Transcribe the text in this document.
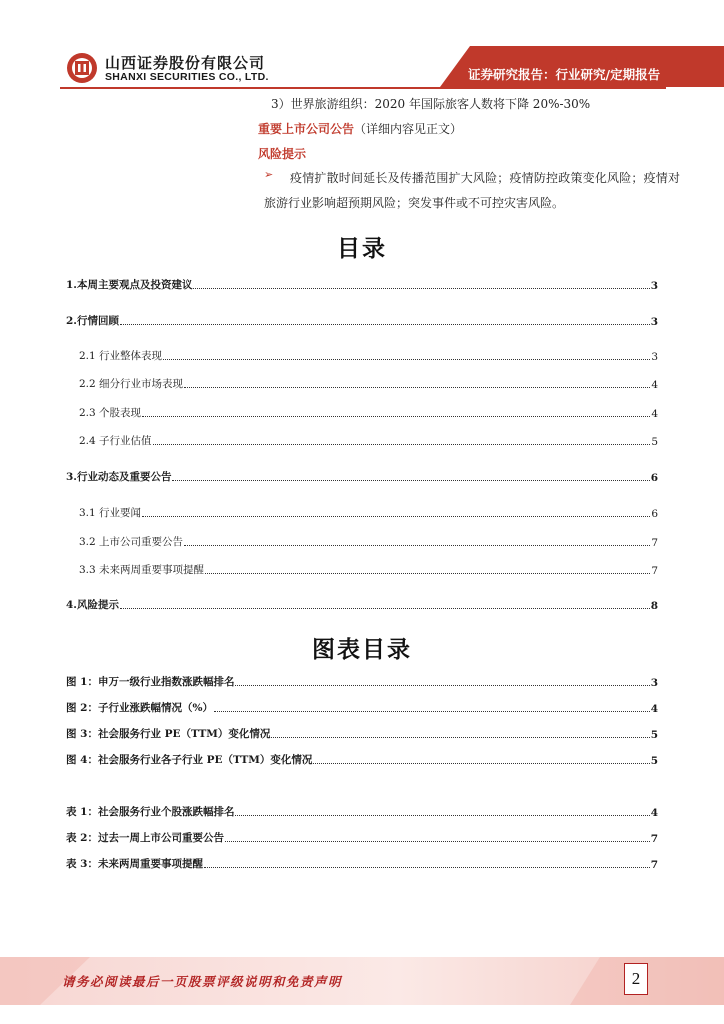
山西证券股份有限公司
SHANXI SECURITIES CO., LTD.	证券研究报告：行业研究/定期报告
3）世界旅游组织：2020 年国际旅客人数将下降 20%-30%
重要上市公司公告（详细内容见正文）
风险提示
➢	疫情扩散时间延长及传播范围扩大风险；疫情防控政策变化风险；疫情对旅游行业影响超预期风险；突发事件或不可控灾害风险。
目录
1.本周主要观点及投资建议	3
2.行情回顾	3
2.1 行业整体表现	3
2.2 细分行业市场表现	4
2.3 个股表现	4
2.4 子行业估值	5
3.行业动态及重要公告	6
3.1 行业要闻	6
3.2 上市公司重要公告	7
3.3 未来两周重要事项提醒	7
4.风险提示	8
图表目录
图 1：申万一级行业指数涨跌幅排名	3
图 2：子行业涨跌幅情况（%）	4
图 3：社会服务行业 PE（TTM）变化情况	5
图 4：社会服务行业各子行业 PE（TTM）变化情况	5
表 1：社会服务行业个股涨跌幅排名	4
表 2：过去一周上市公司重要公告	7
表 3：未来两周重要事项提醒	7
请务必阅读最后一页股票评级说明和免责声明	2
